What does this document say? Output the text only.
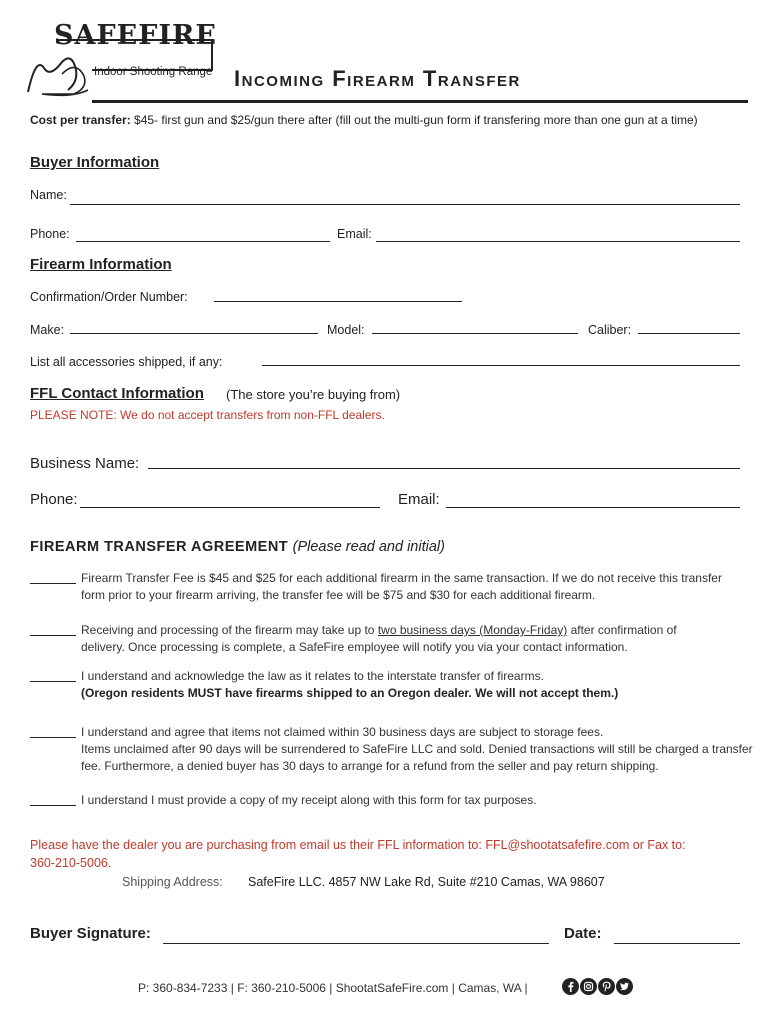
SAFEFIRE
Indoor Shooting Range Incoming Firearm Transfer
Cost per transfer: $45- first gun and $25/gun there after (fill out the multi-gun form if transfering more than one gun at a time)
Buyer Information
Name:
Phone:	Email:
Firearm Information
Confirmation/Order Number:
Make:	Model:	Caliber:
List all accessories shipped, if any:
FFL Contact Information (The store you’re buying from)
PLEASE NOTE: We do not accept transfers from non-FFL dealers.
Business Name:
Phone:	Email:
FIREARM TRANSFER AGREEMENT (Please read and initial)
Firearm Transfer Fee is $45 and $25 for each additional firearm in the same transaction. If we do not receive this transfer
form prior to your firearm arriving, the transfer fee will be $75 and $30 for each additional firearm.
Receiving and processing of the firearm may take up to two business days (Monday-Friday) after confirmation of
delivery. Once processing is complete, a SafeFire employee will notify you via your contact information.
I understand and acknowledge the law as it relates to the interstate transfer of firearms.
(Oregon residents MUST have firearms shipped to an Oregon dealer. We will not accept them.)
I understand and agree that items not claimed within 30 business days are subject to storage fees.
Items unclaimed after 90 days will be surrendered to SafeFire LLC and sold. Denied transactions will still be charged a transfer
fee. Furthermore, a denied buyer has 30 days to arrange for a refund from the seller and pay return shipping.
I understand I must provide a copy of my receipt along with this form for tax purposes.
Please have the dealer you are purchasing from email us their FFL information to: FFL@shootatsafefire.com or Fax to:
360-210-5006.
Shipping Address: SafeFire LLC. 4857 NW Lake Rd, Suite #210 Camas, WA 98607
Buyer Signature:	Date:
P: 360-834-7233 | F: 360-210-5006 | ShootatSafeFire.com | Camas, WA |
